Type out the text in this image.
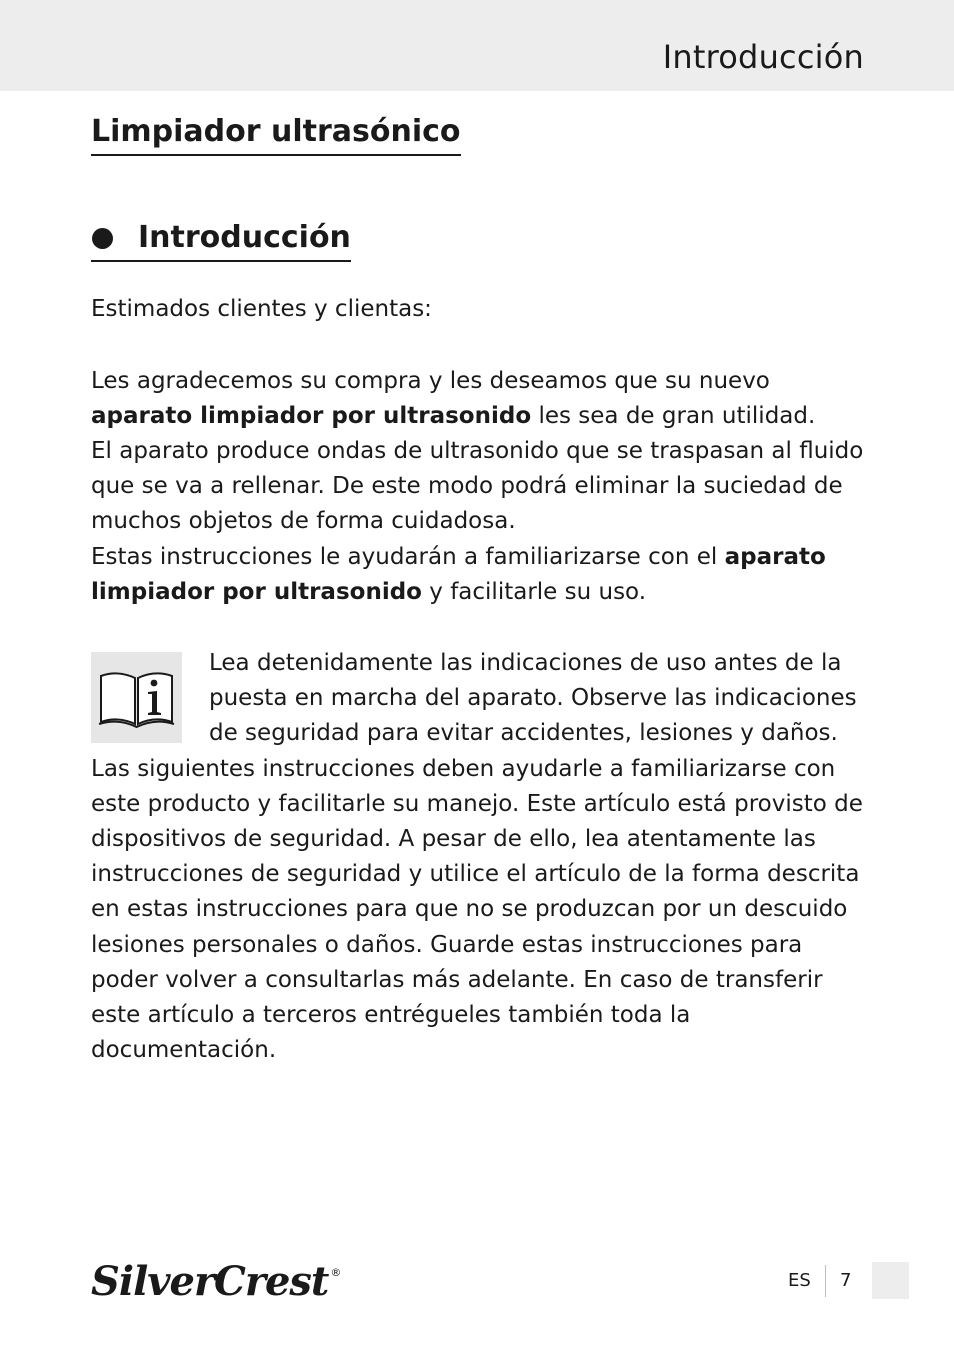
Introducción
Limpiador ultrasónico
Introducción

Estimados clientes y clientas:

Les agradecemos su compra y les deseamos que su nuevo aparato limpiador por ultrasonido les sea de gran utilidad.

El aparato produce ondas de ultrasonido que se traspasan al fluido que se va a rellenar. De este modo podrá eliminar la suciedad de muchos objetos de forma cuidadosa.

Estas instrucciones le ayudarán a familiarizarse con el aparato limpiador por ultrasonido y facilitarle su uso.

Lea detenidamente las indicaciones de uso antes de la puesta en marcha del aparato. Observe las indicaciones de seguridad para evitar accidentes, lesiones y daños. Las siguientes instrucciones deben ayudarle a familiarizarse con este producto y facilitarle su manejo. Este artículo está provisto de dispositivos de seguridad. A pesar de ello, lea atentamente las instrucciones de seguridad y utilice el artículo de la forma descrita en estas instrucciones para que no se produzcan por un descuido lesiones personales o daños. Guarde estas instrucciones para poder volver a consultarlas más adelante. En caso de transferir este artículo a terceros entrégueles también toda la documentación.

SilverCrest ®	ES 7
